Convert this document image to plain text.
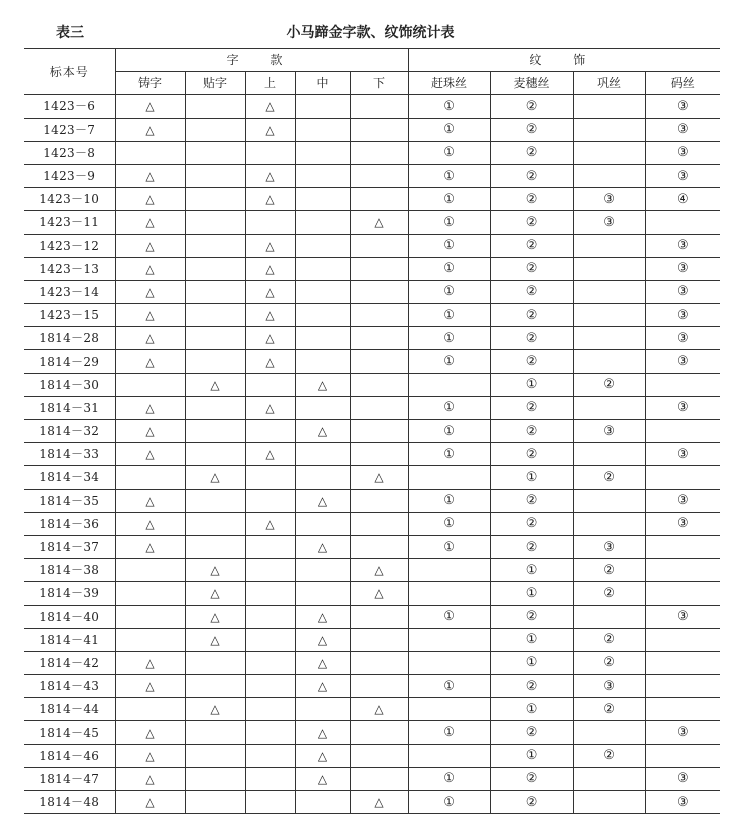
表三	小马蹄金字款、纹饰统计表
标本号	字 款					纹 饰			
	铸字	贴字	上	中	下	赶珠丝	麦穗丝	巩丝	码丝
1423－6	△		△			①	②		③
1423－7	△		△			①	②		③
1423－8						①	②		③
1423－9	△		△			①	②		③
1423－10	△		△			①	②	③	④
1423－11	△				△	①	②	③	
1423－12	△		△			①	②		③
1423－13	△		△			①	②		③
1423－14	△		△			①	②		③
1423－15	△		△			①	②		③
1814－28	△		△			①	②		③
1814－29	△		△			①	②		③
1814－30		△		△			①	②	
1814－31	△		△			①	②		③
1814－32	△			△		①	②	③	
1814－33	△		△			①	②		③
1814－34		△			△		①	②	
1814－35	△			△		①	②		③
1814－36	△		△			①	②		③
1814－37	△			△		①	②	③	
1814－38		△			△		①	②	
1814－39		△			△		①	②	
1814－40		△		△		①	②		③
1814－41		△		△			①	②	
1814－42	△			△			①	②	
1814－43	△			△		①	②	③	
1814－44		△			△		①	②	
1814－45	△			△		①	②		③
1814－46	△			△			①	②	
1814－47	△			△		①	②		③
1814－48	△				△	①	②		③
